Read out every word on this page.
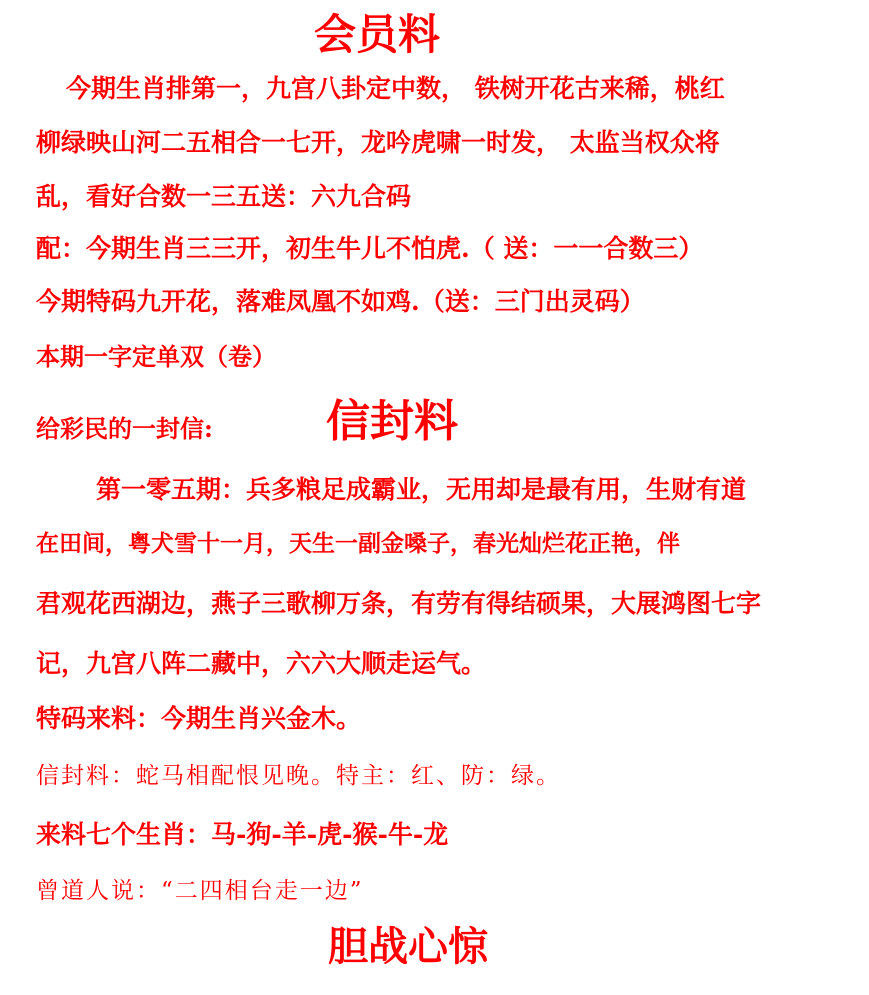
会员料
今期生肖排第一，九宫八卦定中数， 铁树开花古来稀，桃红
柳绿映山河二五相合一七开，龙吟虎啸一时发， 太监当权众将
乱，看好合数一三五送：六九合码
配：今期生肖三三开，初生牛儿不怕虎.（ 送：一一合数三）
今期特码九开花，落难凤凰不如鸡.（送：三门出灵码）
本期一字定单双（卷）
给彩民的一封信:	信封料
第一零五期：兵多粮足成霸业，无用却是最有用，生财有道
在田间，粤犬雪十一月，天生一副金嗓子，春光灿烂花正艳，伴
君观花西湖边，燕子三歌柳万条，有劳有得结硕果，大展鸿图七字
记，九宫八阵二藏中，六六大顺走运气。
特码来料：今期生肖兴金木。
信封料：蛇马相配恨见晚。特主：红、防：绿。
来料七个生肖：马-狗-羊-虎-猴-牛-龙
曾道人说：“二四相台走一边”
胆战心惊
